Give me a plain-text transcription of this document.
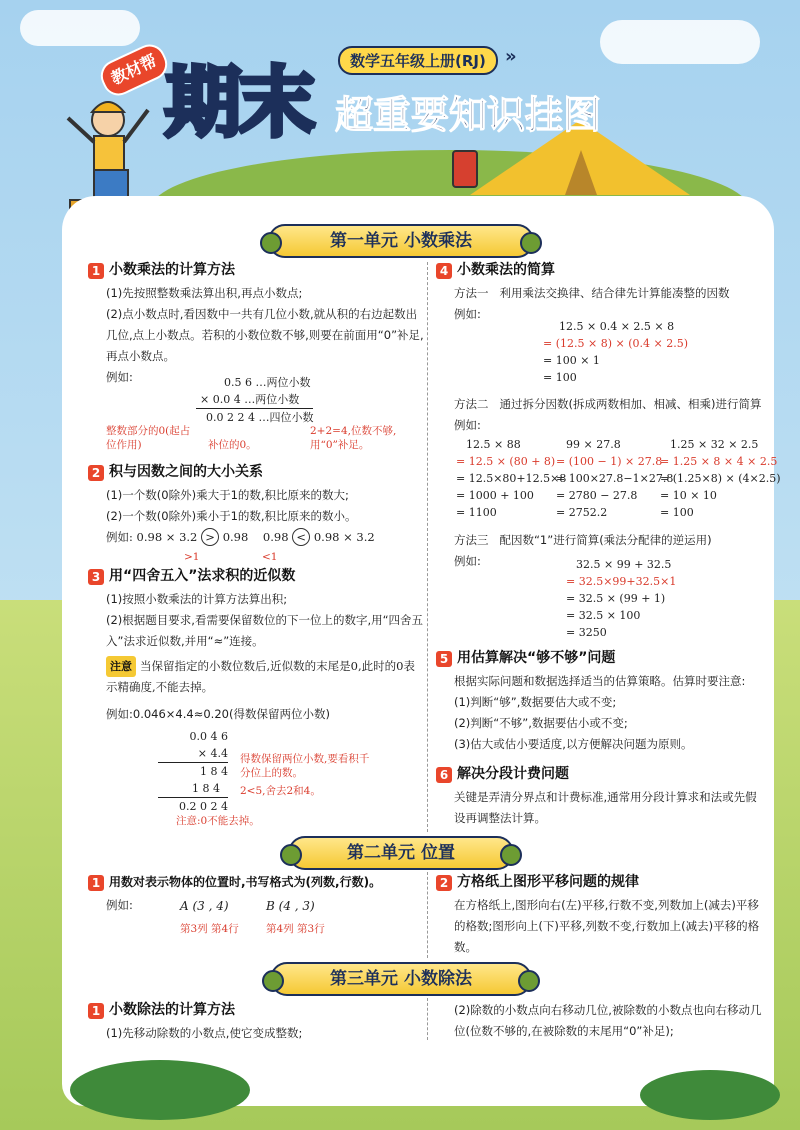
教材帮 期末	数学五年级上册(RJ)	»
超重要知识挂图
第一单元 小数乘法
1 小数乘法的计算方法
(1)先按照整数乘法算出积,再点小数点;
(2)点小数点时,看因数中一共有几位小数,就从积的右边起数出几位,点上小数点。若积的小数位数不够,则要在前面用“0”补足,再点小数点。
例如:	0.5 6 …两位小数
× 0.0 4 …两位小数
0.0 2 2 4 …四位小数
整数部分的0(起占位作用)	补位的0。
2+2=4,位数不够,用“0”补足。
2 积与因数之间的大小关系
(1)一个数(0除外)乘大于1的数,积比原来的数大;
(2)一个数(0除外)乘小于1的数,积比原来的数小。
例如: 0.98 × 3.2 > 0.98 0.98 < 0.98 × 3.2
>1	<1
3 用“四舍五入”法求积的近似数
(1)按照小数乘法的计算方法算出积;
(2)根据题目要求,看需要保留数位的下一位上的数字,用“四舍五入”法求近似数,并用“≈”连接。
注意 当保留指定的小数位数后,近似数的末尾是0,此时的0表示精确度,不能去掉。
例如:0.046×4.4≈0.20(得数保留两位小数)
0.0 4 6
× 4.4
1 8 4
1 8 4
0.2 0 2 4
得数保留两位小数,要看积千分位上的数。
2<5,舍去2和4。
注意:0不能去掉。
4 小数乘法的简算
方法一 利用乘法交换律、结合律先计算能凑整的因数
例如:
12.5 × 0.4 × 2.5 × 8
= (12.5 × 8) × (0.4 × 2.5)
= 100 × 1
= 100
方法二 通过拆分因数(拆成两数相加、相减、相乘)进行简算
例如:
12.5 × 88
= 12.5 × (80 + 8)
= 12.5×80+12.5×8
= 1000 + 100
= 1100
99 × 27.8
= (100 − 1) × 27.8
= 100×27.8−1×27.8
= 2780 − 27.8
= 2752.2
1.25 × 32 × 2.5
= 1.25 × 8 × 4 × 2.5
= (1.25×8) × (4×2.5)
= 10 × 10
= 100
方法三 配因数“1”进行简算(乘法分配律的逆运用)
例如:	32.5 × 99 + 32.5
= 32.5×99+32.5×1
= 32.5 × (99 + 1)
= 32.5 × 100
= 3250
5 用估算解决“够不够”问题
根据实际问题和数据选择适当的估算策略。估算时要注意:
(1)判断“够”,数据要估大或不变;
(2)判断“不够”,数据要估小或不变;
(3)估大或估小要适度,以方便解决问题为原则。
6 解决分段计费问题
关键是弄清分界点和计费标准,通常用分段计算求和法或先假设再调整法计算。
第二单元 位置
1 用数对表示物体的位置时,书写格式为(列数,行数)。
例如:	A (3 , 4)
第3列 第4行
B (4 , 3)
第4列 第3行
2 方格纸上图形平移问题的规律
在方格纸上,图形向右(左)平移,行数不变,列数加上(减去)平移的格数;图形向上(下)平移,列数不变,行数加上(减去)平移的格数。
第三单元 小数除法
1 小数除法的计算方法
(1)先移动除数的小数点,使它变成整数;
(2)除数的小数点向右移动几位,被除数的小数点也向右移动几位(位数不够的,在被除数的末尾用“0”补足);
